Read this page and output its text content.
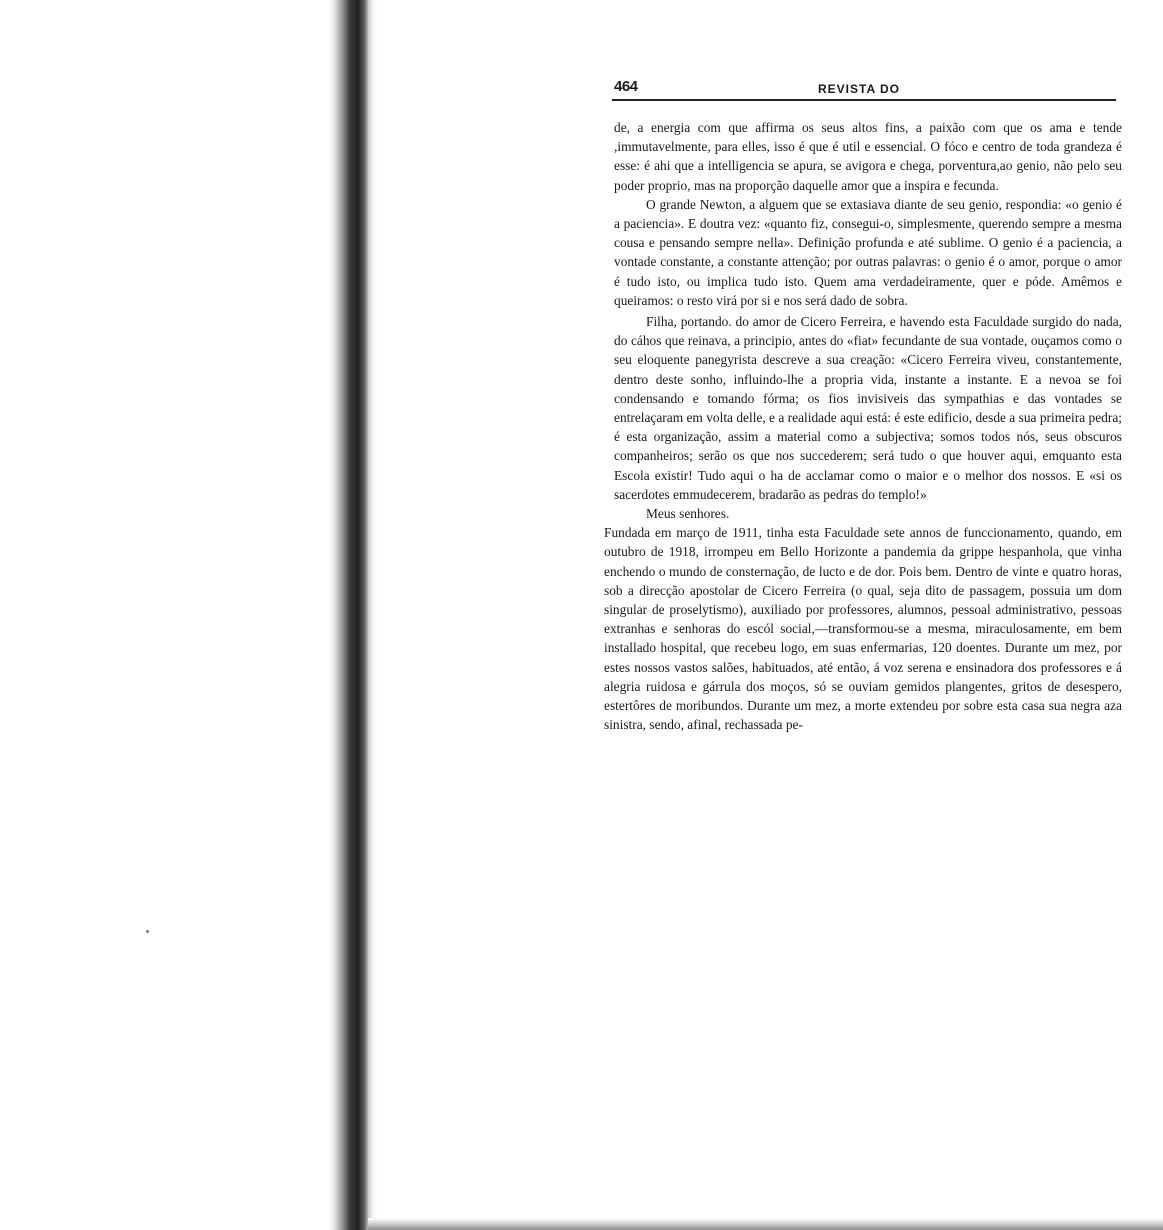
464	REVISTA DO

de, a energia com que affirma os seus altos fins, a paixão com que os ama e tende ,immutavelmente, para elles, isso é que é util e essencial. O fóco e centro de toda grandeza é esse: é ahi que a intelligencia se apura, se avigora e chega, porventura,ao genio, não pelo seu poder proprio, mas na proporção daquelle amor que a inspira e fecunda.

O grande Newton, a alguem que se extasiava diante de seu genio, respondia: «o genio é a paciencia». E doutra vez: «quanto fiz, consegui-o, simplesmente, querendo sempre a mesma cousa e pensando sempre nella». Definição profunda e até sublime. O genio é a paciencia, a vontade constante, a constante attenção; por outras palavras: o genio é o amor, porque o amor é tudo isto, ou implica tudo isto. Quem ama verdadeiramente, quer e póde. Amêmos e queiramos: o resto virá por si e nos será dado de sobra.

Filha, portando. do amor de Cicero Ferreira, e havendo esta Faculdade surgido do nada, do cáhos que reinava, a principio, antes do «fiat» fecundante de sua vontade, ouçamos como o seu eloquente panegyrista descreve a sua creação: «Cicero Ferreira viveu, constantemente, dentro deste sonho, influindo-lhe a propria vida, instante a instante. E a nevoa se foi condensando e tomando fórma; os fios invisiveis das sympathias e das vontades se entrelaçaram em volta delle, e a realidade aqui está: é este edificio, desde a sua primeira pedra; é esta organização, assim a material como a subjectiva; somos todos nós, seus obscuros companheiros; serão os que nos succederem; será tudo o que houver aqui, emquanto esta Escola existir! Tudo aqui o ha de acclamar como o maior e o melhor dos nossos. E «si os sacerdotes emmudecerem, bradarão as pedras do templo!»

Meus senhores.

Fundada em março de 1911, tinha esta Faculdade sete annos de funccionamento, quando, em outubro de 1918, irrompeu em Bello Horizonte a pandemia da grippe hespanhola, que vinha enchendo o mundo de consternação, de lucto e de dor. Pois bem. Dentro de vinte e quatro horas, sob a direcção apostolar de Cicero Ferreira (o qual, seja dito de passagem, possuia um dom singular de proselytismo), auxiliado por professores, alumnos, pessoal administrativo, pessoas extranhas e senhoras do escól social,—transformou-se a mesma, miraculosamente, em bem installado hospital, que recebeu logo, em suas enfermarias, 120 doentes. Durante um mez, por estes nossos vastos salões, habituados, até então, á voz serena e ensinadora dos professores e á alegria ruidosa e gárrula dos moços, só se ouviam gemidos plangentes, gritos de desespero, estertôres de moribundos. Durante um mez, a morte extendeu por sobre esta casa sua negra aza sinistra, sendo, afinal, rechassada pe-
